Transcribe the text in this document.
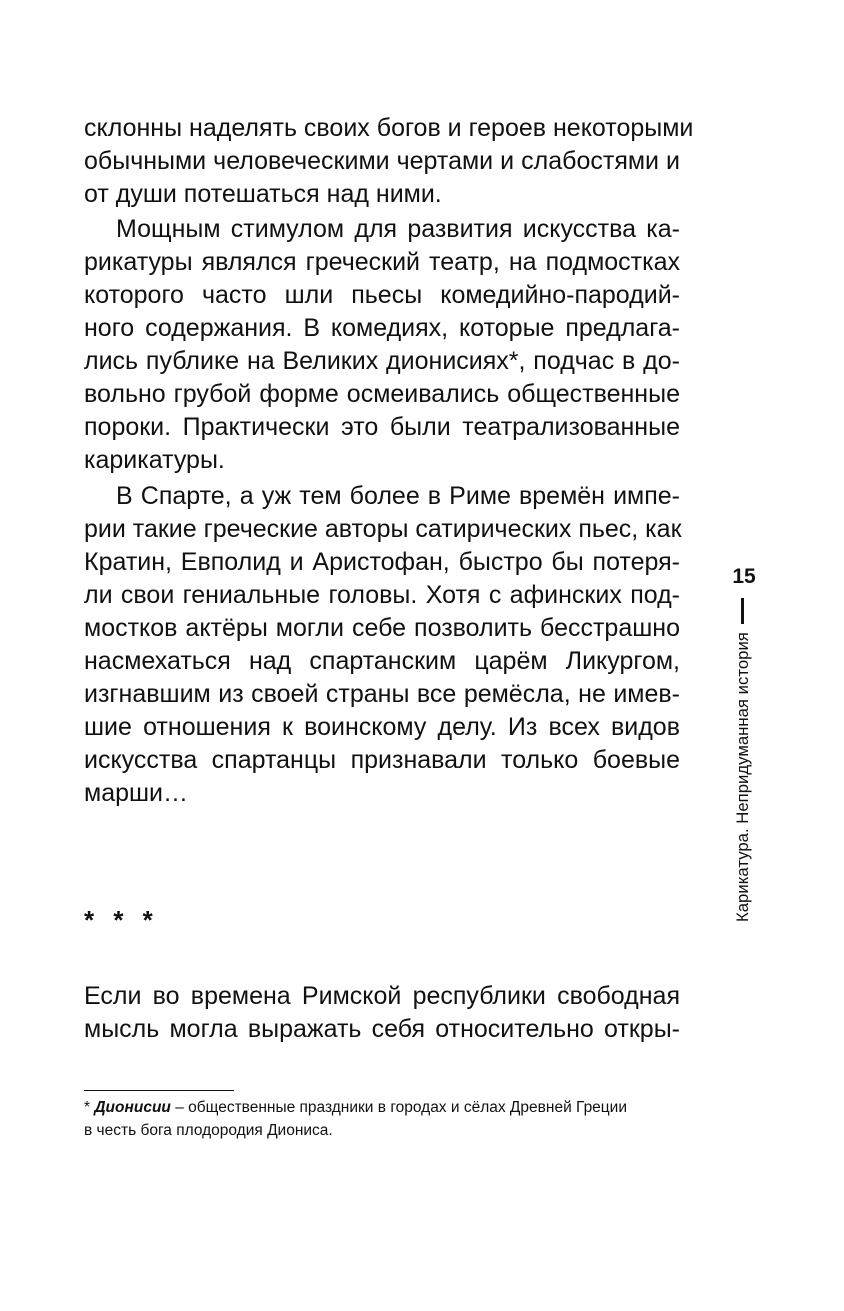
склонны наделять своих богов и героев некоторыми
обычными человеческими чертами и слабостями и
от души потешаться над ними.
Мощным стимулом для развития искусства ка-
рикатуры являлся греческий театр, на подмостках
которого часто шли пьесы комедийно-пародий-
ного содержания. В комедиях, которые предлага-
лись публике на Великих дионисиях*, подчас в до-
вольно грубой форме осмеивались общественные
пороки. Практически это были театрализованные
карикатуры.
В Спарте, а уж тем более в Риме времён импе-
рии такие греческие авторы сатирических пьес, как
Кратин, Евполид и Аристофан, быстро бы потеря-
ли свои гениальные головы. Хотя с афинских под-
мостков актёры могли себе позволить бесстрашно
насмехаться над спартанским царём Ликургом,
изгнавшим из своей страны все ремёсла, не имев-
шие отношения к воинскому делу. Из всех видов
искусства спартанцы признавали только боевые
марши…
* * *
Если во времена Римской республики свободная
мысль могла выражать себя относительно откры-
* Дионисии – общественные праздники в городах и сёлах Древней Греции
в честь бога плодородия Диониса.
15
Карикатура. Непридуманная история
